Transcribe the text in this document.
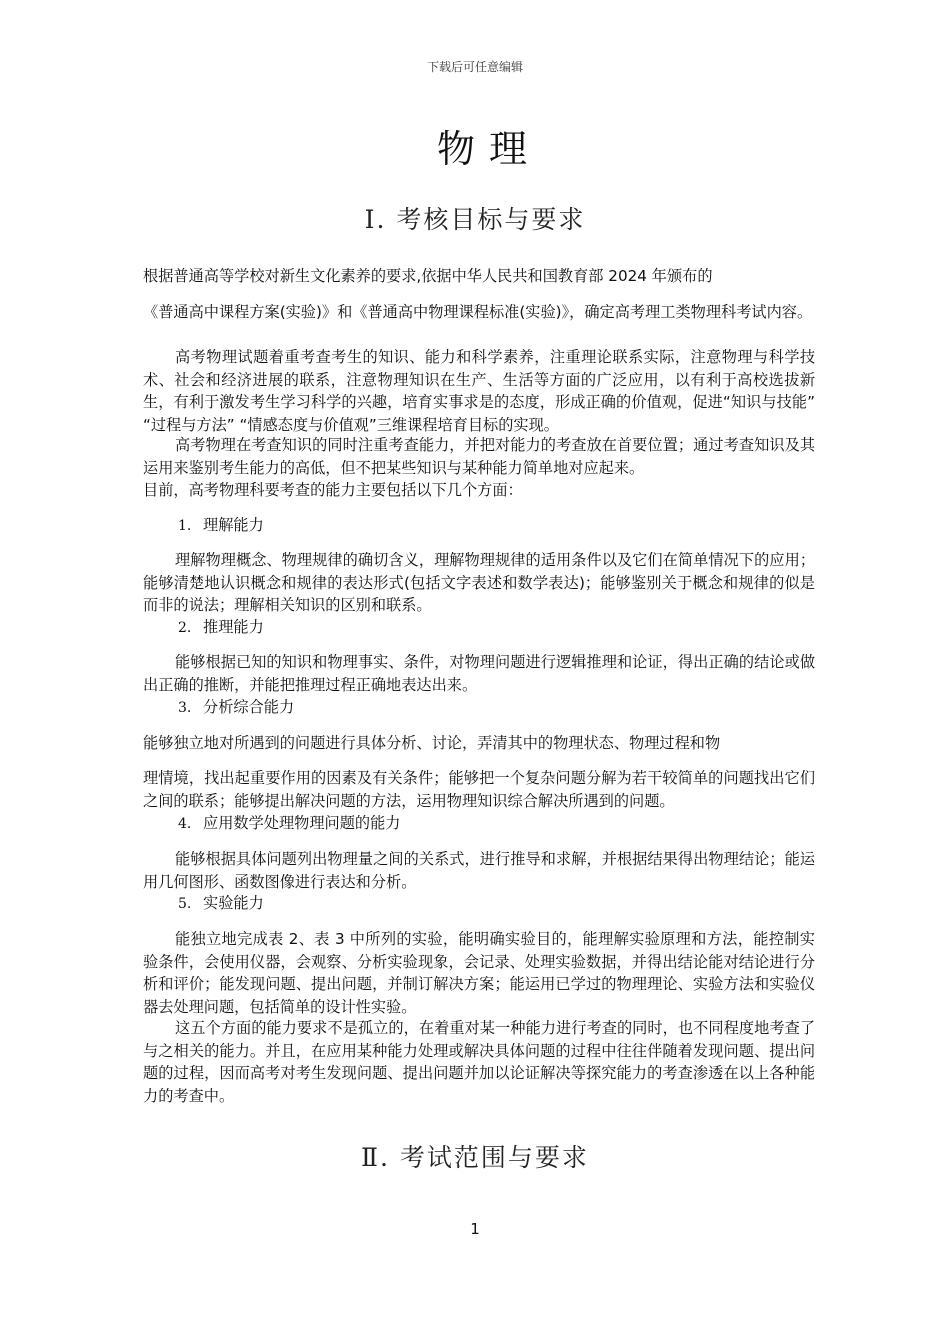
下载后可任意编辑
物理
Ⅰ. 考核目标与要求
根据普通高等学校对新生文化素养的要求,依据中华人民共和国教育部 2024 年颁布的
《普通高中课程方案(实验)》和《普通高中物理课程标准(实验)》，确定高考理工类物理科考试内容。
高考物理试题着重考查考生的知识、能力和科学素养，注重理论联系实际，注意物理与科学技术、社会和经济进展的联系，注意物理知识在生产、生活等方面的广泛应用，以有利于高校选拔新生，有利于激发考生学习科学的兴趣，培育实事求是的态度，形成正确的价值观，促进“知识与技能” “过程与方法” “情感态度与价值观”三维课程培育目标的实现。
高考物理在考查知识的同时注重考查能力，并把对能力的考查放在首要位置；通过考查知识及其运用来鉴别考生能力的高低，但不把某些知识与某种能力简单地对应起来。
目前，高考物理科要考查的能力主要包括以下几个方面：
1. 理解能力
理解物理概念、物理规律的确切含义，理解物理规律的适用条件以及它们在简单情况下的应用；能够清楚地认识概念和规律的表达形式(包括文字表述和数学表达)；能够鉴别关于概念和规律的似是而非的说法；理解相关知识的区别和联系。
2. 推理能力
能够根据已知的知识和物理事实、条件，对物理问题进行逻辑推理和论证，得出正确的结论或做出正确的推断，并能把推理过程正确地表达出来。
3. 分析综合能力
能够独立地对所遇到的问题进行具体分析、讨论，弄清其中的物理状态、物理过程和物
理情境，找出起重要作用的因素及有关条件；能够把一个复杂问题分解为若干较简单的问题找出它们之间的联系；能够提出解决问题的方法，运用物理知识综合解决所遇到的问题。
4. 应用数学处理物理问题的能力
能够根据具体问题列出物理量之间的关系式，进行推导和求解，并根据结果得出物理结论；能运用几何图形、函数图像进行表达和分析。
5. 实验能力
能独立地完成表 2、表 3 中所列的实验，能明确实验目的，能理解实验原理和方法，能控制实验条件，会使用仪器，会观察、分析实验现象，会记录、处理实验数据，并得出结论能对结论进行分析和评价；能发现问题、提出问题，并制订解决方案；能运用已学过的物理理论、实验方法和实验仪器去处理问题，包括简单的设计性实验。
这五个方面的能力要求不是孤立的，在着重对某一种能力进行考查的同时，也不同程度地考查了与之相关的能力。并且，在应用某种能力处理或解决具体问题的过程中往往伴随着发现问题、提出问题的过程，因而高考对考生发现问题、提出问题并加以论证解决等探究能力的考查渗透在以上各种能力的考查中。
Ⅱ. 考试范围与要求
1
